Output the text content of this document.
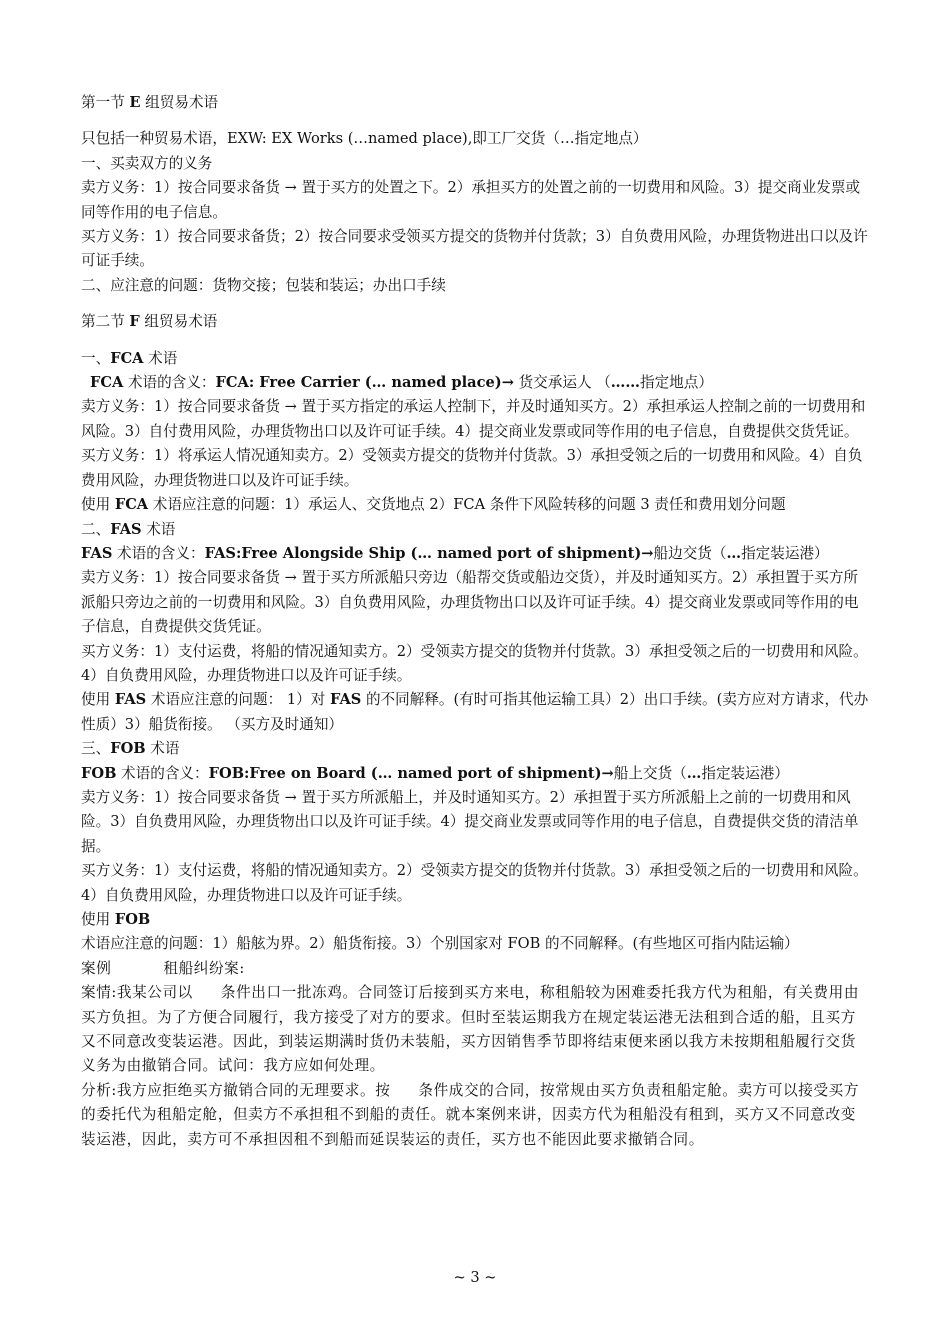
第一节 E 组贸易术语
只包括一种贸易术语，EXW: EX Works (…named place),即工厂交货（…指定地点）
一、买卖双方的义务
卖方义务：1）按合同要求备货 → 置于买方的处置之下。2）承担买方的处置之前的一切费用和风险。3）提交商业发票或同等作用的电子信息。
买方义务：1）按合同要求备货；2）按合同要求受领买方提交的货物并付货款；3）自负费用风险，办理货物进出口以及许可证手续。
二、应注意的问题：货物交接；包装和装运；办出口手续
第二节 F 组贸易术语
一、FCA 术语
FCA 术语的含义：FCA: Free Carrier (… named place)→ 货交承运人 （……指定地点）
卖方义务：1）按合同要求备货 → 置于买方指定的承运人控制下，并及时通知买方。2）承担承运人控制之前的一切费用和风险。3）自付费用风险，办理货物出口以及许可证手续。4）提交商业发票或同等作用的电子信息，自费提供交货凭证。
买方义务：1）将承运人情况通知卖方。2）受领卖方提交的货物并付货款。3）承担受领之后的一切费用和风险。4）自负费用风险，办理货物进口以及许可证手续。
使用 FCA 术语应注意的问题：1）承运人、交货地点 2）FCA 条件下风险转移的问题 3 责任和费用划分问题
二、FAS 术语
FAS 术语的含义：FAS:Free Alongside Ship (… named port of shipment)→船边交货（…指定装运港）
卖方义务：1）按合同要求备货 → 置于买方所派船只旁边（船帮交货或船边交货），并及时通知买方。2）承担置于买方所派船只旁边之前的一切费用和风险。3）自负费用风险，办理货物出口以及许可证手续。4）提交商业发票或同等作用的电子信息，自费提供交货凭证。
买方义务：1）支付运费，将船的情况通知卖方。2）受领卖方提交的货物并付货款。3）承担受领之后的一切费用和风险。4）自负费用风险，办理货物进口以及许可证手续。
使用 FAS 术语应注意的问题： 1）对 FAS 的不同解释。(有时可指其他运输工具）2）出口手续。(卖方应对方请求，代办性质）3）船货衔接。 （买方及时通知）
三、FOB 术语
FOB 术语的含义：FOB:Free on Board (… named port of shipment)→船上交货（…指定装运港）
卖方义务：1）按合同要求备货 → 置于买方所派船上，并及时通知买方。2）承担置于买方所派船上之前的一切费用和风险。3）自负费用风险，办理货物出口以及许可证手续。4）提交商业发票或同等作用的电子信息，自费提供交货的清洁单据。
买方义务：1）支付运费，将船的情况通知卖方。2）受领卖方提交的货物并付货款。3）承担受领之后的一切费用和风险。4）自负费用风险，办理货物进口以及许可证手续。
使用 FOB 术语应注意的问题：1）船舷为界。2）船货衔接。3）个别国家对 FOB 的不同解释。(有些地区可指内陆运输）
案例	租船纠纷案:
案情:我某公司以 条件出口一批冻鸡。合同签订后接到买方来电，称租船较为困难委托我方代为租船，有关费用由买方负担。为了方便合同履行，我方接受了对方的要求。但时至装运期我方在规定装运港无法租到合适的船，且买方又不同意改变装运港。因此，到装运期满时货仍未装船，买方因销售季节即将结束便来函以我方未按期租船履行交货义务为由撤销合同。试问：我方应如何处理。
分析:我方应拒绝买方撤销合同的无理要求。按 条件成交的合同，按常规由买方负责租船定舱。卖方可以接受买方的委托代为租船定舱，但卖方不承担租不到船的责任。就本案例来讲，因卖方代为租船没有租到，买方又不同意改变装运港，因此，卖方可不承担因租不到船而延误装运的责任，买方也不能因此要求撤销合同。
~ 3 ~
